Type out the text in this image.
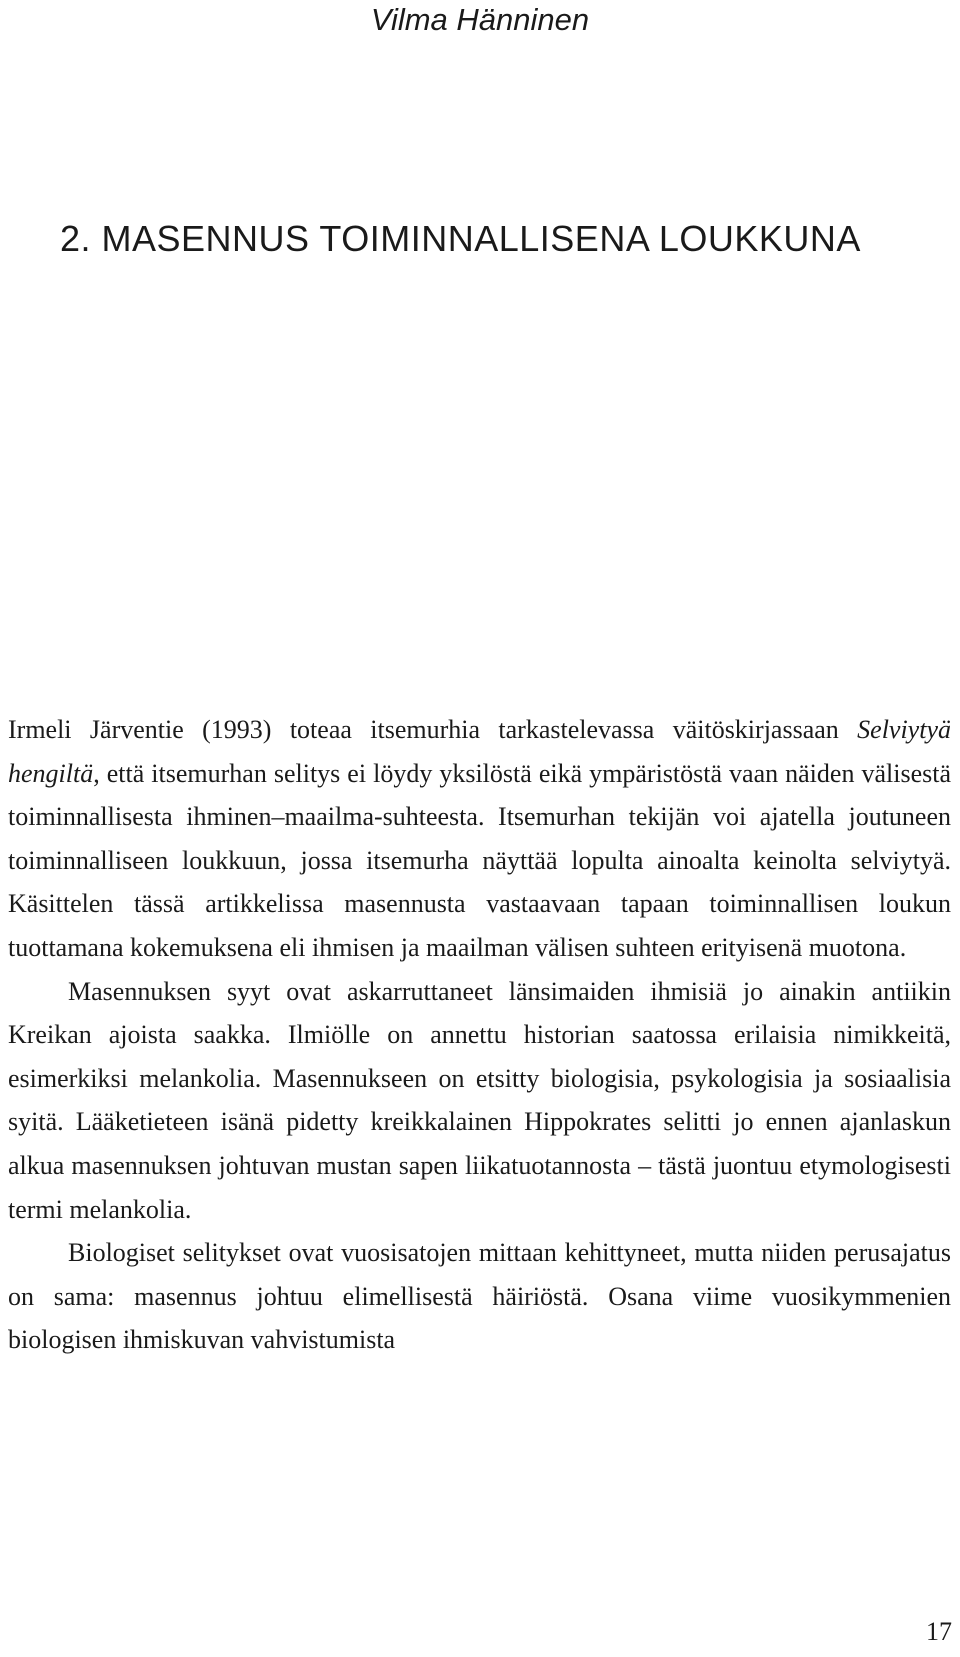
Vilma Hänninen
2. MASENNUS TOIMINNALLISENA LOUKKUNA

Irmeli Järventie (1993) toteaa itsemurhia tarkastelevassa väitöskirjassaan Selviytyä hengiltä, että itsemurhan selitys ei löydy yksilöstä eikä ympäristöstä vaan näiden välisestä toiminnallisesta ihminen–maailma-suhteesta. Itsemurhan tekijän voi ajatella joutuneen toiminnalliseen loukkuun, jossa itsemurha näyttää lopulta ainoalta keinolta selviytyä. Käsittelen tässä artikkelissa masennusta vastaavaan tapaan toiminnallisen loukun tuottamana kokemuksena eli ihmisen ja maailman välisen suhteen erityisenä muotona.

Masennuksen syyt ovat askarruttaneet länsimaiden ihmisiä jo ainakin antiikin Kreikan ajoista saakka. Ilmiölle on annettu historian saatossa erilaisia nimikkeitä, esimerkiksi melankolia. Masennukseen on etsitty biologisia, psykologisia ja sosiaalisia syitä. Lääketieteen isänä pidetty kreikkalainen Hippokrates selitti jo ennen ajanlaskun alkua masennuksen johtuvan mustan sapen liikatuotannosta – tästä juontuu etymologisesti termi melankolia.

Biologiset selitykset ovat vuosisatojen mittaan kehittyneet, mutta niiden perusajatus on sama: masennus johtuu elimellisestä häiriöstä. Osana viime vuosikymmenien biologisen ihmiskuvan vahvistumista

17
